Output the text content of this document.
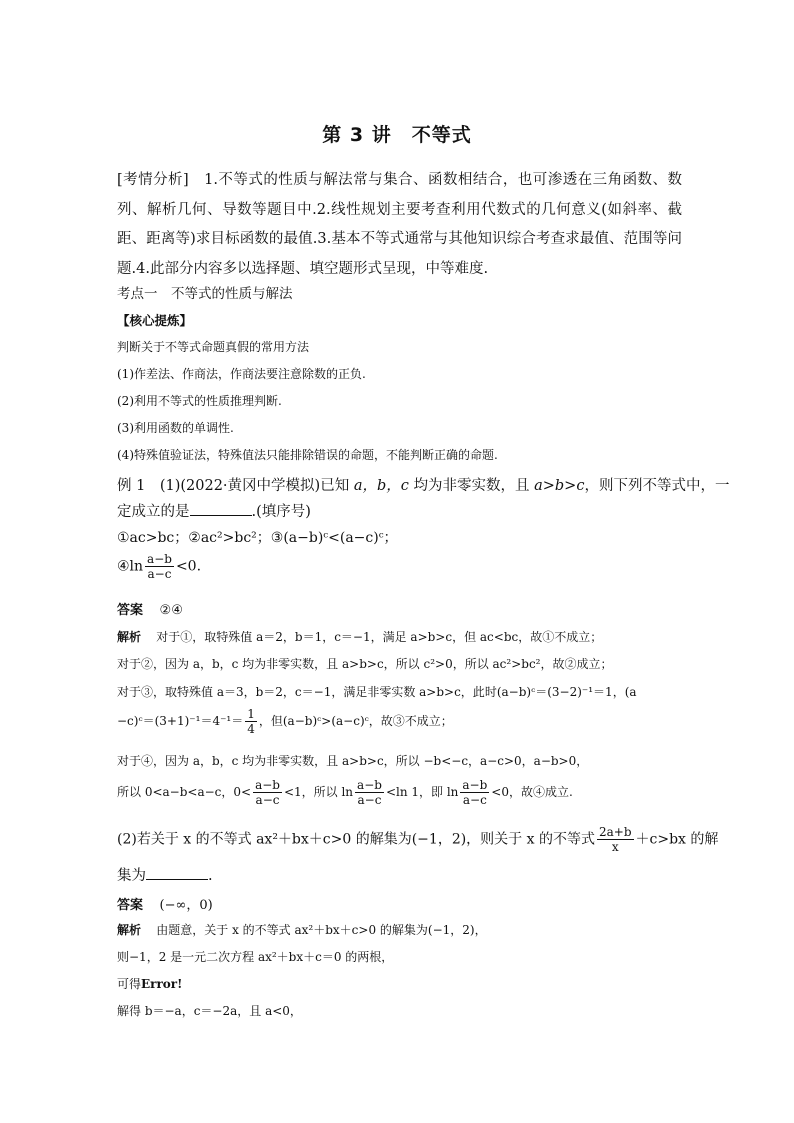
第 3 讲　不等式
[考情分析]　1.不等式的性质与解法常与集合、函数相结合，也可渗透在三角函数、数列、解析几何、导数等题目中.2.线性规划主要考查利用代数式的几何意义(如斜率、截距、距离等)求目标函数的最值.3.基本不等式通常与其他知识综合考查求最值、范围等问题.4.此部分内容多以选择题、填空题形式呈现，中等难度.
考点一　不等式的性质与解法
【核心提炼】
判断关于不等式命题真假的常用方法
(1)作差法、作商法，作商法要注意除数的正负.
(2)利用不等式的性质推理判断.
(3)利用函数的单调性.
(4)特殊值验证法，特殊值法只能排除错误的命题，不能判断正确的命题.
例 1　(1)(2022·黄冈中学模拟)已知 a，b，c 均为非零实数，且 a>b>c，则下列不等式中，一
定成立的是	.(填序号)
①ac>bc；②ac²>bc²；③(a−b)ᶜ<(a−c)ᶜ；
④ln $\frac{a-b}{a-c} <0$.
答案 ②④
解析 对于①，取特殊值 a＝2，b＝1，c＝−1，满足 a>b>c，但 ac<bc，故①不成立；
对于②，因为 a，b，c 均为非零实数，且 a>b>c，所以 c²>0，所以 ac²>bc²，故②成立；
对于③，取特殊值 a＝3，b＝2，c＝−1，满足非零实数 a>b>c，此时(a−b)ᶜ＝(3−2)⁻¹＝1，(a
−c)ᶜ＝(3+1)⁻¹＝4⁻¹＝ $\frac{1}{4}$ ，但(a−b)ᶜ>(a−c)ᶜ，故③不成立；
对于④，因为 a，b，c 均为非零实数，且 a>b>c，所以 −b<−c，a−c>0，a−b>0，
所以 0<a−b<a−c，$0< \frac{a-b}{a-c} <1$，所以 $\ln \frac{a-b}{a-c} <\ln$ 1，即 $\ln \frac{a-b}{a-c} <0$，故④成立.
(2)若关于 x 的不等式 ax²＋bx＋c>0 的解集为(−1，2)，则关于 x 的不等式 $\frac{2a+b}{x} +c>bx$ 的解
集为	.
答案 (−∞，0)
解析 由题意，关于 x 的不等式 ax²＋bx＋c>0 的解集为(−1，2)，
则−1，2 是一元二次方程 ax²＋bx＋c＝0 的两根，
可得Error!
解得 b＝−a，c＝−2a，且 a<0，
